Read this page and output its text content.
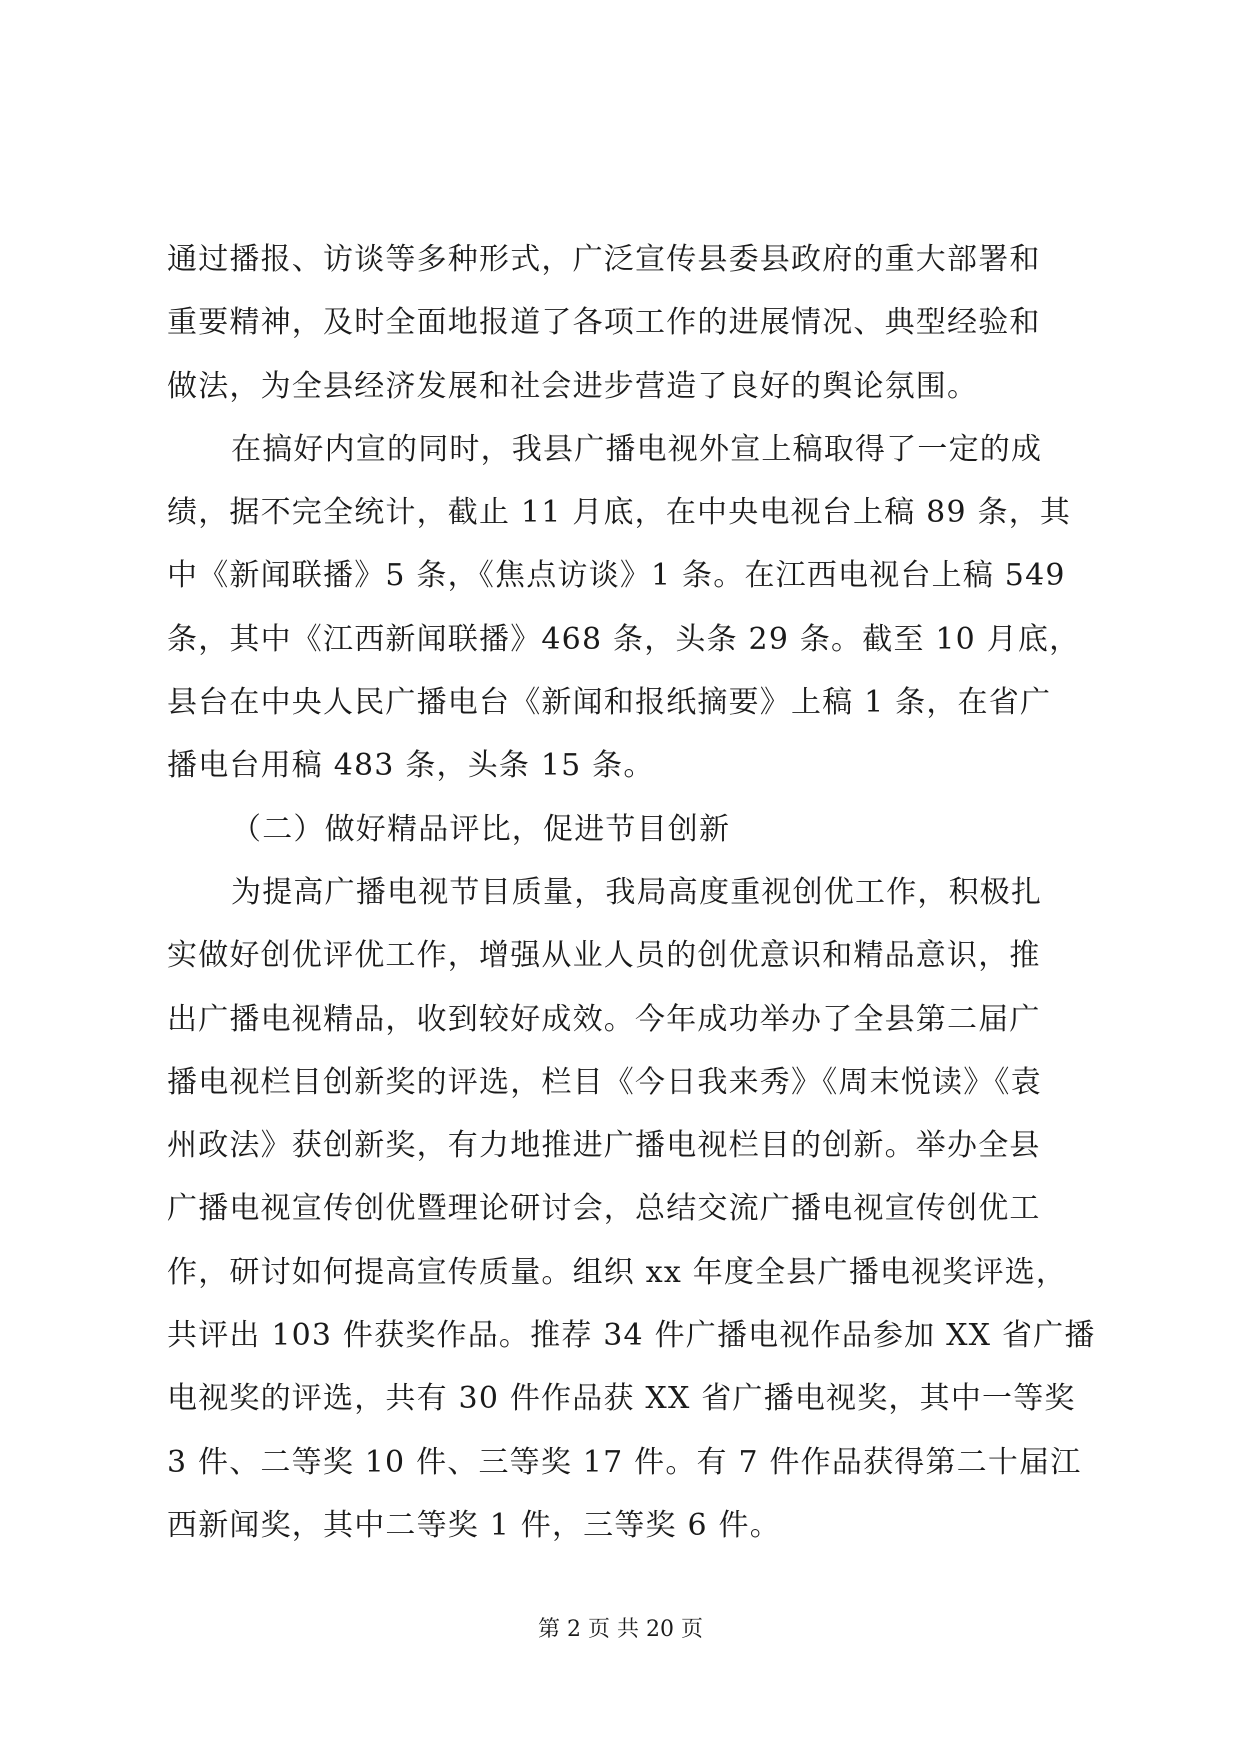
通过播报、访谈等多种形式，广泛宣传县委县政府的重大部署和
重要精神，及时全面地报道了各项工作的进展情况、典型经验和
做法，为全县经济发展和社会进步营造了良好的舆论氛围。
在搞好内宣的同时，我县广播电视外宣上稿取得了一定的成
绩，据不完全统计，截止 11 月底，在中央电视台上稿 89 条，其
中《新闻联播》5 条，《焦点访谈》1 条。在江西电视台上稿 549
条，其中《江西新闻联播》468 条，头条 29 条。截至 10 月底，
县台在中央人民广播电台《新闻和报纸摘要》上稿 1 条，在省广
播电台用稿 483 条，头条 15 条。
（二）做好精品评比，促进节目创新
为提高广播电视节目质量，我局高度重视创优工作，积极扎
实做好创优评优工作，增强从业人员的创优意识和精品意识，推
出广播电视精品，收到较好成效。今年成功举办了全县第二届广
播电视栏目创新奖的评选，栏目《今日我来秀》《周末悦读》《袁
州政法》获创新奖，有力地推进广播电视栏目的创新。举办全县
广播电视宣传创优暨理论研讨会，总结交流广播电视宣传创优工
作，研讨如何提高宣传质量。组织 xx 年度全县广播电视奖评选，
共评出 103 件获奖作品。推荐 34 件广播电视作品参加 XX 省广播
电视奖的评选，共有 30 件作品获 XX 省广播电视奖，其中一等奖
3 件、二等奖 10 件、三等奖 17 件。有 7 件作品获得第二十届江
西新闻奖，其中二等奖 1 件，三等奖 6 件。
第 2 页 共 20 页
